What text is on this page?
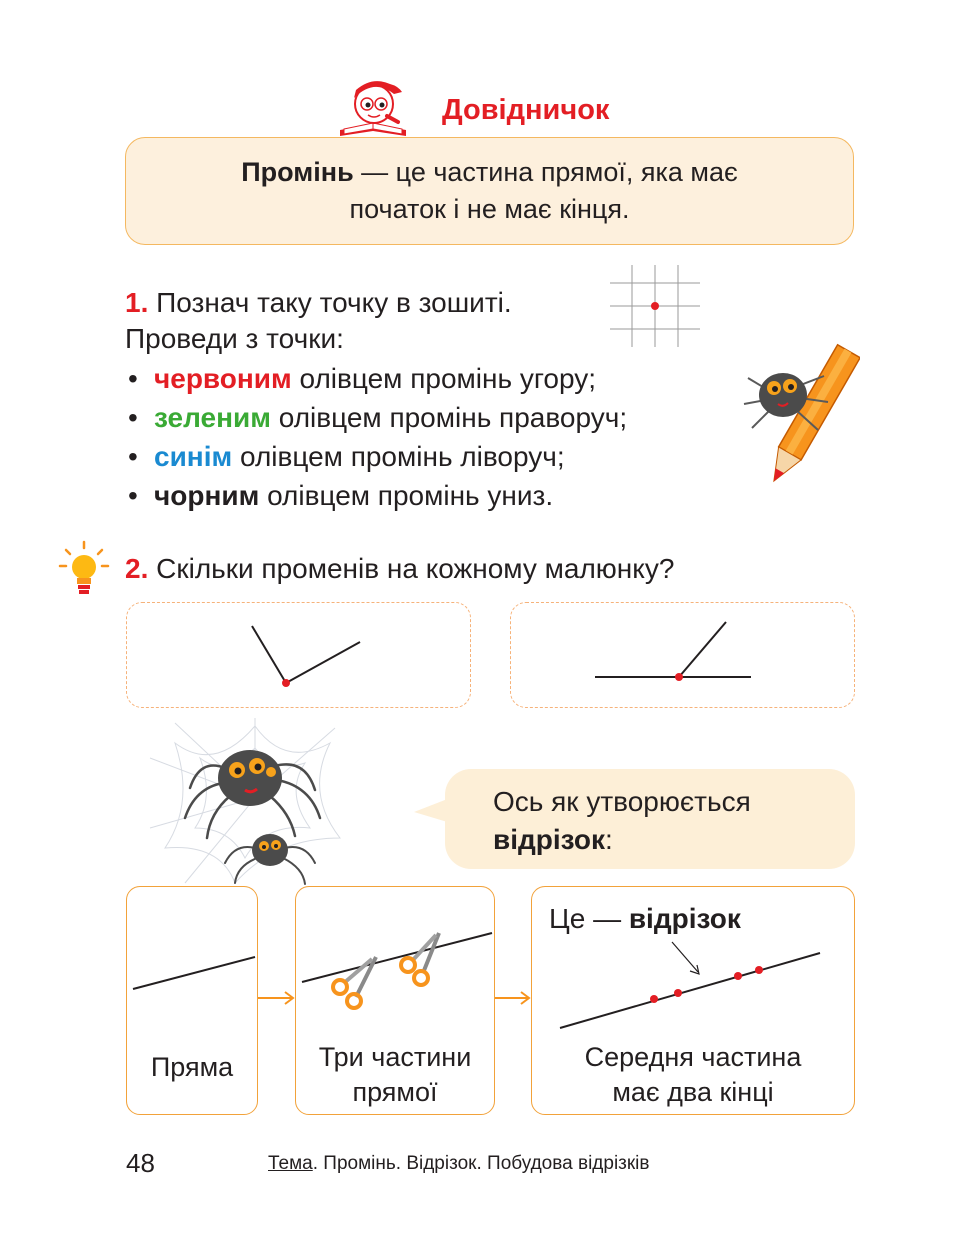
Довідничок
Промінь — це частина прямої, яка має
початок і не має кінця.
1. Познач таку точку в зошиті.
Проведи з точки:
• червоним олівцем промінь угору;
• зеленим олівцем промінь праворуч;
• синім олівцем промінь ліворуч;
• чорним олівцем промінь униз.
2. Скільки променів на кожному малюнку?
Ось як утворюється
відрізок:
Пряма	Три частини
прямої
Це — відрізок
Середня частина
має два кінці
48	Тема. Промінь. Відрізок. Побудова відрізків
